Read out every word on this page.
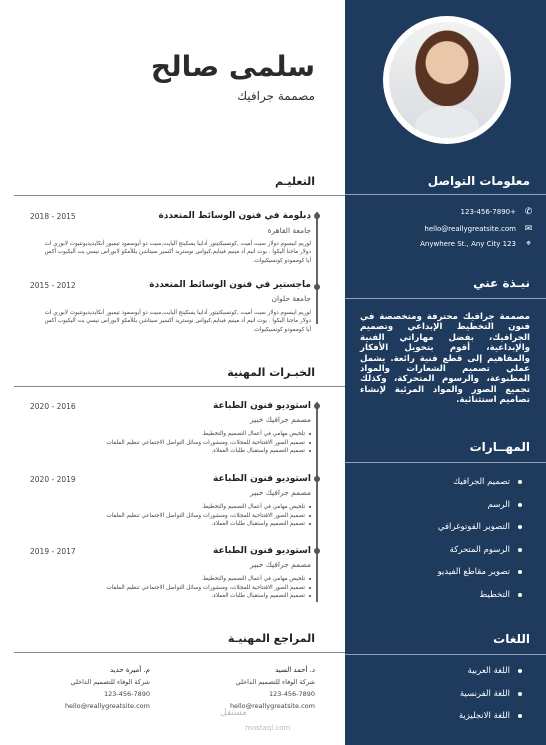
معلومات التواصل
✆
+123-456-7890
✉
hello@reallygreatsite.com
⌖
123 Anywhere St., Any City
نبـذة عني
مصممة جرافيك محترفة ومتخصصة في فنون التخطيط الإبداعي وتصميم الجرافيك، بفضل مهاراتي الفنية والإبداعية، أقوم بتحويل الأفكار والمفاهيم إلى قطع فنية رائعة. يشمل عملي تصميم الشعارات والمواد المطبوعة، والرسوم المتحركة، وكذلك تجميع الصور والمواد المرئية لإنشاء تصاميم استثنائية.
المهــارات
تصميم الجرافيك
الرسم
التصوير الفوتوغرافي
الرسوم المتحركة
تصوير مقاطع الفيديو
التخطيط
اللغات
اللغة العربية
اللغة الفرنسية
اللغة الانجليزية
سلمى صالح
مصممة جرافيك
التعليـم
دبلومة في فنون الوسائط المتعددة
2015 - 2018
جامعة القاهرة
لوريم ايبسوم دولار سيت أميت ,كونسيكتيتور أدايبا يسكينج أليايت,سيت دو أيوسمود تيمبور أنكايديديونتيوت لابوري ات دولار ماجنا أليكوا . يوت انيم أد مينيم فينايم,كيواس نوستريد أكسير سيتاشن يللأمكو لابوراس نيسي يت أليكيوب أكس أيا كوممودو كونسيكيوات.
ماجستير في فنون الوسائط المتعددة
2012 - 2015
جامعة حلوان
لوريم ايبسوم دولار سيت أميت ,كونسيكتيتور أدايبا يسكينج أليايت,سيت دو أيوسمود تيمبور أنكايديديونتيوت لابوري ات دولار ماجنا أليكوا . يوت انيم أد مينيم فينايم,كيواس نوستريد أكسير سيتاشن يللأمكو لابوراس نيسي يت أليكيوب أكس أيا كوممودو كونسيكيوات.
الخبـرات المهنية
استوديو فنون الطباعة
2016 - 2020
مصمم جرافيك خبير
تلخيص مهامي في أعمال التصميم والتخطيط.
تصميم الصور الافتتاحية للمجلات، ومنشورات وسائل التواصل الاجتماعي تنظيم الملفات
تصميم التصميم واستقبال طلبات العملاء.
استوديو فنون الطباعة
2019 - 2020
مصمم جرافيك خبير
تلخيص مهامي في أعمال التصميم والتخطيط.
تصميم الصور الافتتاحية للمجلات، ومنشورات وسائل التواصل الاجتماعي تنظيم الملفات
تصميم التصميم واستقبال طلبات العملاء.
استوديو فنون الطباعة
2017 - 2019
مصمم جرافيك خبير
تلخيص مهامي في أعمال التصميم والتخطيط.
تصميم الصور الافتتاحية للمجلات، ومنشورات وسائل التواصل الاجتماعي تنظيم الملفات
تصميم التصميم واستقبال طلبات العملاء.
المراجع المهنيـة
د. أحمد السيد
شركة الوفاء للتصميم الداخلي
123-456-7890
hello@reallygreatsite.com
م. أميرة حديد
شركة الوفاء للتصميم الداخلي
123-456-7890
hello@reallygreatsite.com
مستقل
mostaql.com
